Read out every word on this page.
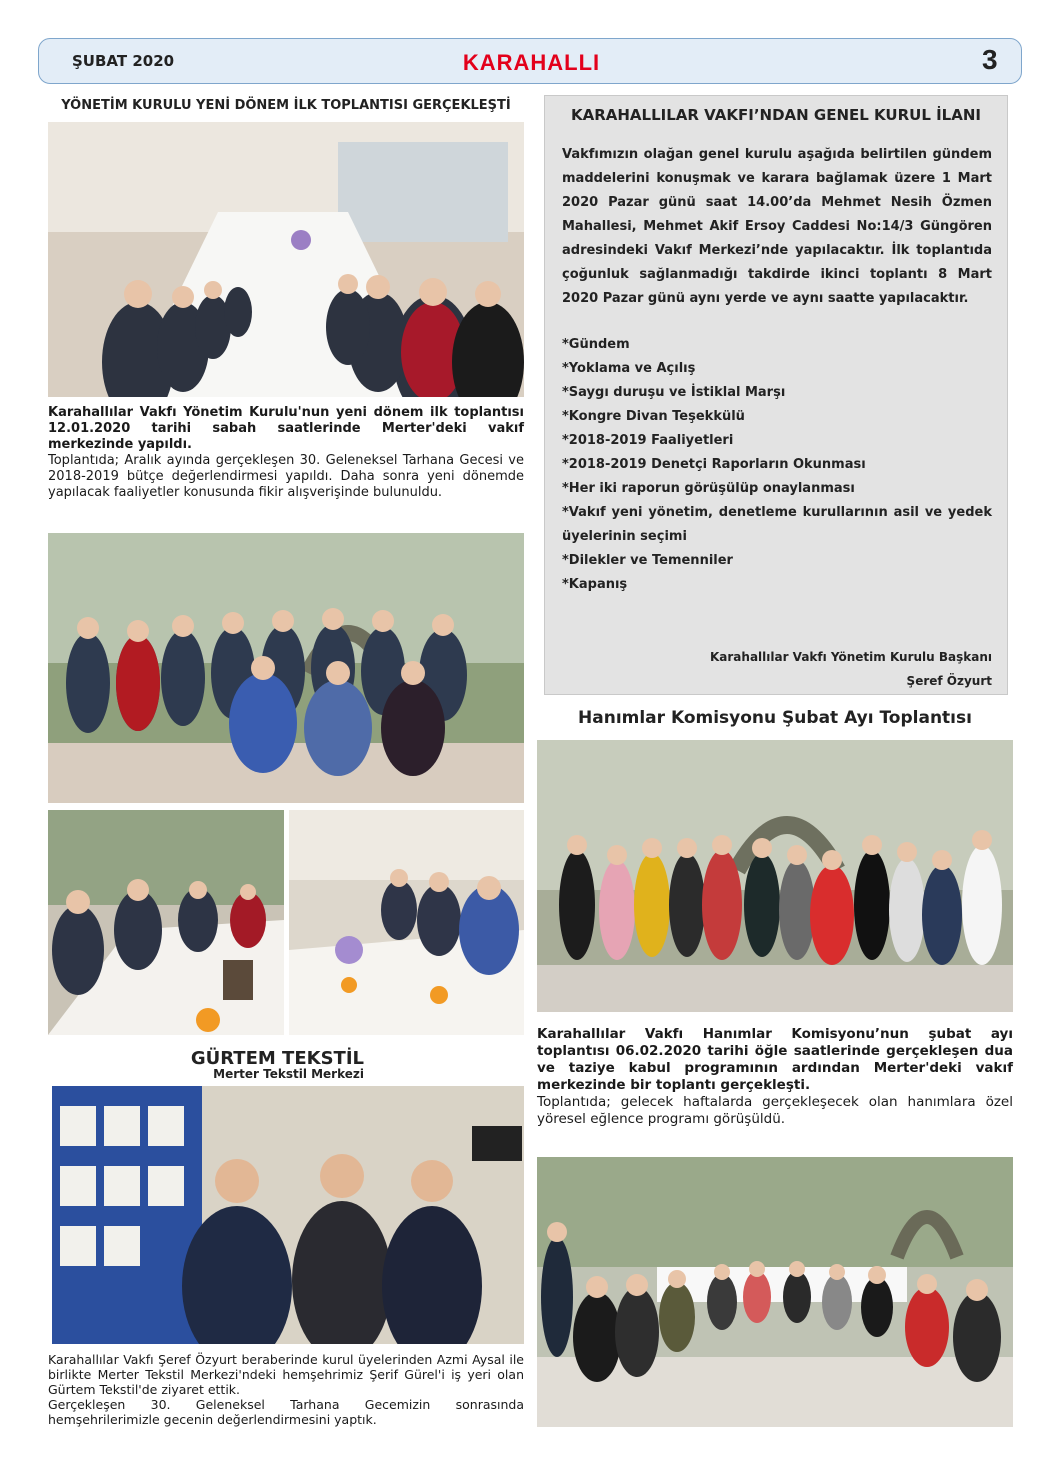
ŞUBAT 2020	KARAHALLI	3
YÖNETİM KURULU YENİ DÖNEM İLK TOPLANTISI GERÇEKLEŞTİ
Karahallılar Vakfı Yönetim Kurulu'nun yeni dönem ilk toplantısı 12.01.2020 tarihi sabah saatlerinde Merter'deki vakıf merkezinde yapıldı.
Toplantıda; Aralık ayında gerçekleşen 30. Geleneksel Tarhana Gecesi ve 2018-2019 bütçe değerlendirmesi yapıldı. Daha sonra yeni dönemde yapılacak faaliyetler konusunda fikir alışverişinde bulunuldu.
GÜRTEM TEKSTİL
Merter Tekstil Merkezi
Karahallılar Vakfı Şeref Özyurt beraberinde kurul üyelerinden Azmi Aysal ile birlikte Merter Tekstil Merkezi'ndeki hemşehrimiz Şerif Gürel'i iş yeri olan Gürtem Tekstil'de ziyaret ettik.
Gerçekleşen 30. Geleneksel Tarhana Gecemizin sonrasında hemşehrilerimizle gecenin değerlendirmesini yaptık.
KARAHALLILAR VAKFI’NDAN GENEL KURUL İLANI
Vakfımızın olağan genel kurulu aşağıda belirtilen gündem maddelerini konuşmak ve karara bağlamak üzere 1 Mart 2020 Pazar günü saat 14.00’da Mehmet Nesih Özmen Mahallesi, Mehmet Akif Ersoy Caddesi No:14/3 Güngören adresindeki Vakıf Merkezi’nde yapılacaktır. İlk toplantıda çoğunluk sağlanmadığı takdirde ikinci toplantı 8 Mart 2020 Pazar günü aynı yerde ve aynı saatte yapılacaktır.
*Gündem
*Yoklama ve Açılış
*Saygı duruşu ve İstiklal Marşı
*Kongre Divan Teşekkülü
*2018-2019 Faaliyetleri
*2018-2019 Denetçi Raporların Okunması
*Her iki raporun görüşülüp onaylanması
*Vakıf yeni yönetim, denetleme kurullarının asil ve yedek üyelerinin seçimi
*Dilekler ve Temenniler
*Kapanış
Karahallılar Vakfı Yönetim Kurulu Başkanı
Şeref Özyurt
Hanımlar Komisyonu Şubat Ayı Toplantısı
Karahallılar Vakfı Hanımlar Komisyonu’nun şubat ayı toplantısı 06.02.2020 tarihi öğle saatlerinde gerçekleşen dua ve taziye kabul programının ardından Merter'deki vakıf merkezinde bir toplantı gerçekleşti.
Toplantıda; gelecek haftalarda gerçekleşecek olan hanımlara özel yöresel eğlence programı görüşüldü.
